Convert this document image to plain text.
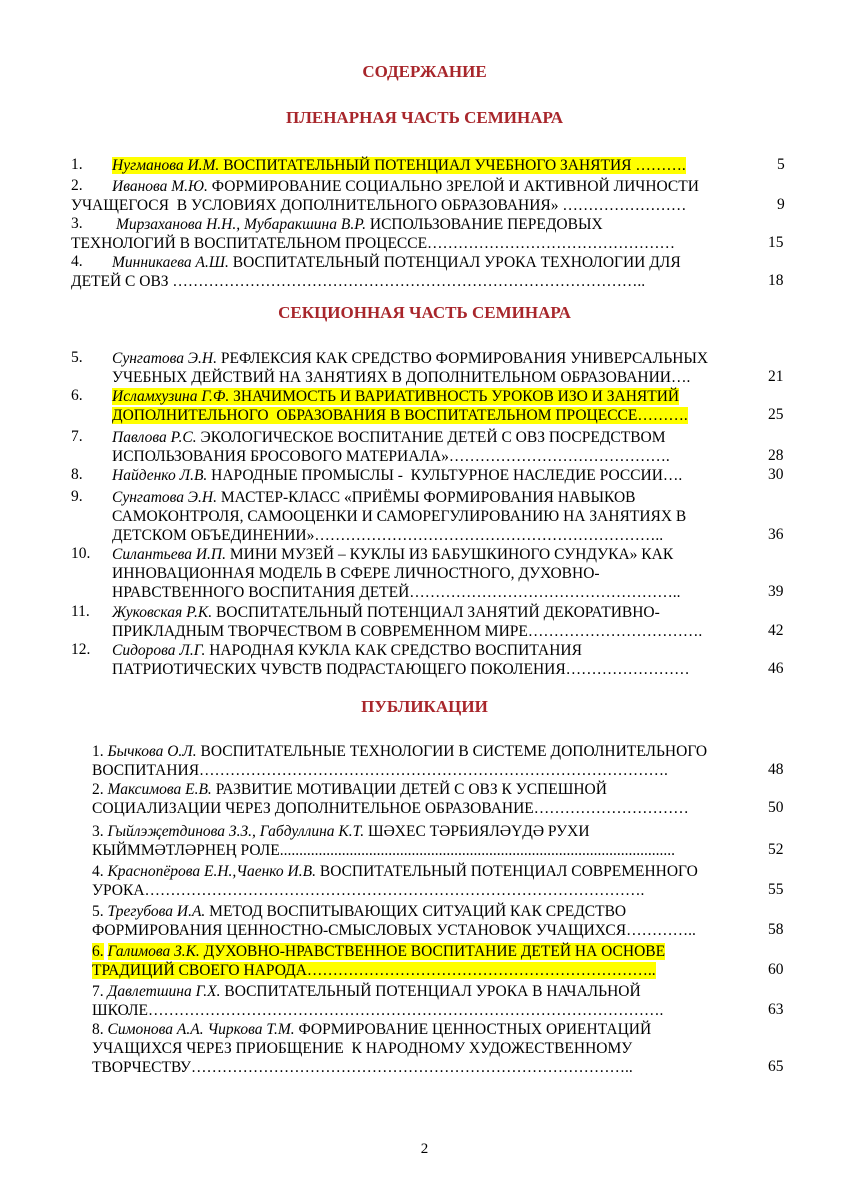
СОДЕРЖАНИЕ
ПЛЕНАРНАЯ ЧАСТЬ СЕМИНАРА
1. Нугманова И.М. ВОСПИТАТЕЛЬНЫЙ ПОТЕНЦИАЛ УЧЕБНОГО ЗАНЯТИЯ ……….	5
2. Иванова М.Ю. ФОРМИРОВАНИЕ СОЦИАЛЬНО ЗРЕЛОЙ И АКТИВНОЙ ЛИЧНОСТИ
УЧАЩЕГОСЯ  В УСЛОВИЯХ ДОПОЛНИТЕЛЬНОГО ОБРАЗОВАНИЯ» ……………………	9
3. Мирзаханова Н.Н., Мубаракшина В.Р. ИСПОЛЬЗОВАНИЕ ПЕРЕДОВЫХ
ТЕХНОЛОГИЙ В ВОСПИТАТЕЛЬНОМ ПРОЦЕССЕ…………………………………………	15
4. Минникаева А.Ш. ВОСПИТАТЕЛЬНЫЙ ПОТЕНЦИАЛ УРОКА ТЕХНОЛОГИИ ДЛЯ
ДЕТЕЙ С ОВЗ ………………………………………………………………………………..	18
СЕКЦИОННАЯ ЧАСТЬ СЕМИНАРА
5. Сунгатова Э.Н. РЕФЛЕКСИЯ КАК СРЕДСТВО ФОРМИРОВАНИЯ УНИВЕРСАЛЬНЫХ
УЧЕБНЫХ ДЕЙСТВИЙ НА ЗАНЯТИЯХ В ДОПОЛНИТЕЛЬНОМ ОБРАЗОВАНИИ….	21
6. Исламхузина Г.Ф. ЗНАЧИМОСТЬ И ВАРИАТИВНОСТЬ УРОКОВ ИЗО И ЗАНЯТИЙ
ДОПОЛНИТЕЛЬНОГО  ОБРАЗОВАНИЯ В ВОСПИТАТЕЛЬНОМ ПРОЦЕССЕ……….	25
7. Павлова Р.С. ЭКОЛОГИЧЕСКОЕ ВОСПИТАНИЕ ДЕТЕЙ С ОВЗ ПОСРЕДСТВОМ
ИСПОЛЬЗОВАНИЯ БРОСОВОГО МАТЕРИАЛА»…………………………………….	28
8. Найденко Л.В. НАРОДНЫЕ ПРОМЫСЛЫ -  КУЛЬТУРНОЕ НАСЛЕДИЕ РОССИИ….	30
9. Сунгатова Э.Н. МАСТЕР-КЛАСС «ПРИЁМЫ ФОРМИРОВАНИЯ НАВЫКОВ
САМОКОНТРОЛЯ, САМООЦЕНКИ И САМОРЕГУЛИРОВАНИЮ НА ЗАНЯТИЯХ В
ДЕТСКОМ ОБЪЕДИНЕНИИ»…………………………………………………………..	36
10. Силантьева И.П. МИНИ МУЗЕЙ – КУКЛЫ ИЗ БАБУШКИНОГО СУНДУКА» КАК
ИННОВАЦИОННАЯ МОДЕЛЬ В СФЕРЕ ЛИЧНОСТНОГО, ДУХОВНО-
НРАВСТВЕННОГО ВОСПИТАНИЯ ДЕТЕЙ……………………………………………..	39
11. Жуковская Р.К. ВОСПИТАТЕЛЬНЫЙ ПОТЕНЦИАЛ ЗАНЯТИЙ ДЕКОРАТИВНО-
ПРИКЛАДНЫМ ТВОРЧЕСТВОМ В СОВРЕМЕННОМ МИРЕ…………………………….	42
12. Сидорова Л.Г. НАРОДНАЯ КУКЛА КАК СРЕДСТВО ВОСПИТАНИЯ
ПАТРИОТИЧЕСКИХ ЧУВСТВ ПОДРАСТАЮЩЕГО ПОКОЛЕНИЯ……………………	46
ПУБЛИКАЦИИ
1. Бычкова О.Л. ВОСПИТАТЕЛЬНЫЕ ТЕХНОЛОГИИ В СИСТЕМЕ ДОПОЛНИТЕЛЬНОГО
ВОСПИТАНИЯ……………………………………………………………………………….	48
2. Максимова Е.В. РАЗВИТИЕ МОТИВАЦИИ ДЕТЕЙ С ОВЗ К УСПЕШНОЙ
СОЦИАЛИЗАЦИИ ЧЕРЕЗ ДОПОЛНИТЕЛЬНОЕ ОБРАЗОВАНИЕ…………………………	50
3. Гыйлэҗетдинова З.З., Габдуллина К.Т. ШӘХЕС ТӘРБИЯЛӘҮДӘ РУХИ
КЫЙММӘТЛӘРНЕҢ РОЛЕ......................................................................................................	52
4. Краснопёрова Е.Н.,Чаенко И.В. ВОСПИТАТЕЛЬНЫЙ ПОТЕНЦИАЛ СОВРЕМЕННОГО
УРОКА…………………………………………………………………………………….	55
5. Трегубова И.А. МЕТОД ВОСПИТЫВАЮЩИХ СИТУАЦИЙ КАК СРЕДСТВО
ФОРМИРОВАНИЯ ЦЕННОСТНО-СМЫСЛОВЫХ УСТАНОВОК УЧАЩИХСЯ…………..	58
6. Галимова З.К. ДУХОВНО-НРАВСТВЕННОЕ ВОСПИТАНИЕ ДЕТЕЙ НА ОСНОВЕ
ТРАДИЦИЙ СВОЕГО НАРОДА…………………………………………………………..	60
7. Давлетшина Г.Х. ВОСПИТАТЕЛЬНЫЙ ПОТЕНЦИАЛ УРОКА В НАЧАЛЬНОЙ
ШКОЛЕ……………………………………………………………………………………….	63
8. Симонова А.А. Чиркова Т.М. ФОРМИРОВАНИЕ ЦЕННОСТНЫХ ОРИЕНТАЦИЙ
УЧАЩИХСЯ ЧЕРЕЗ ПРИОБЩЕНИЕ  К НАРОДНОМУ ХУДОЖЕСТВЕННОМУ
ТВОРЧЕСТВУ…………………………………………………………………………..	65
2
